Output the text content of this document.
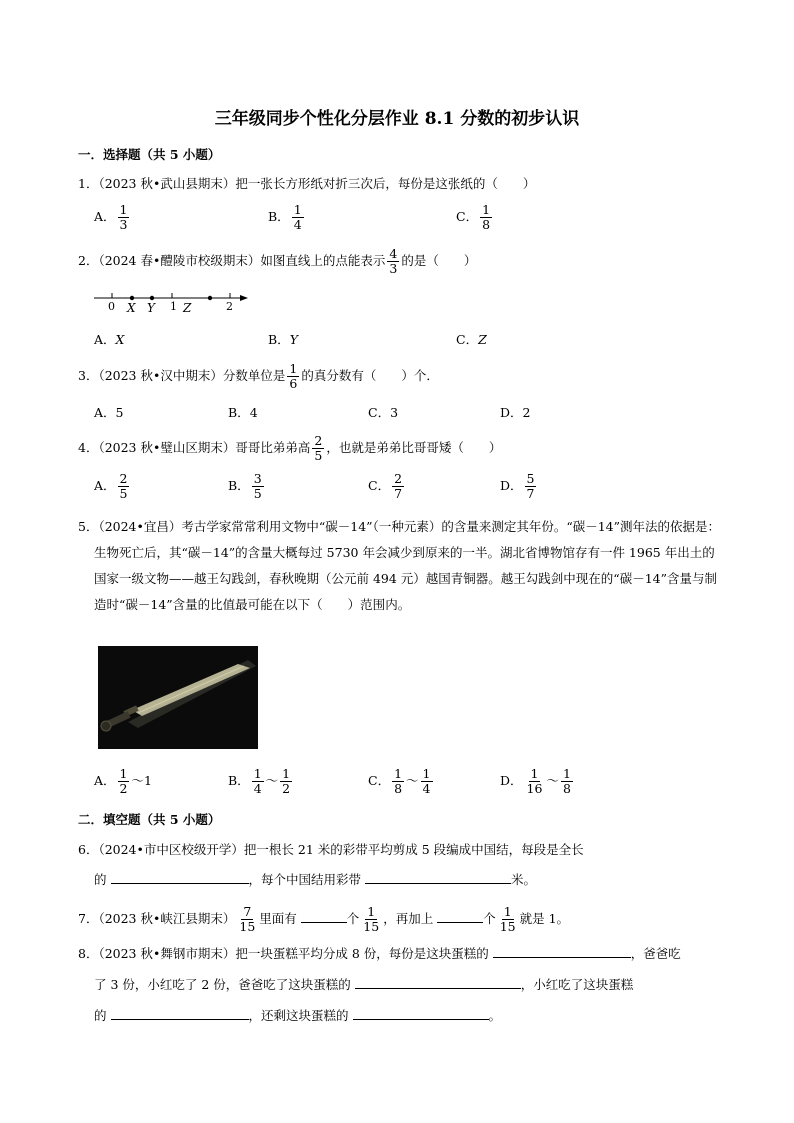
三年级同步个性化分层作业 8.1 分数的初步认识
一．选择题（共 5 小题）
1．（2023 秋•武山县期末）把一张长方形纸对折三次后，每份是这张纸的（　　）
A． $\frac{1}{3}$	B． $\frac{1}{4}$	C． $\frac{1}{8}$
2．（2024 春•醴陵市校级期末）如图直线上的点能表示 $\frac{4}{3}$ 的是（　　）
0 X Y 1 Z	2
A．X	B．Y	C．Z
3．（2023 秋•汉中期末）分数单位是 $\frac{1}{6}$ 的真分数有（　　）个．
A．5	B．4	C．3	D．2
4．（2023 秋•璧山区期末）哥哥比弟弟高 $\frac{2}{5}$ ，也就是弟弟比哥哥矮（　　）
A． $\frac{2}{5}$	B． $\frac{3}{5}$	C． $\frac{2}{7}$	D． $\frac{5}{7}$
5．（2024•宜昌）考古学家常常利用文物中“碳－14”（一种元素）的含量来测定其年份。“碳－14”测年法的依据是：生物死亡后，其“碳－14”的含量大概每过 5730 年会减少到原来的一半。湖北省博物馆存有一件 1965 年出土的国家一级文物——越王勾践剑，春秋晚期（公元前 494 元）越国青铜器。越王勾践剑中现在的“碳－14”含量与制造时“碳－14”含量的比值最可能在以下（　　）范围内。
A． $\frac{1}{2}$ ～1	B． $\frac{1}{4}$ ～ $\frac{1}{2}$	C． $\frac{1}{8}$ ～ $\frac{1}{4}$	D． $\frac{1}{16}$ ～ $\frac{1}{8}$
二．填空题（共 5 小题）
6．（2024•市中区校级开学）把一根长 21 米的彩带平均剪成 5 段编成中国结，每段是全长
的	，每个中国结用彩带	米。
7．（2023 秋•峡江县期末） $\frac{7}{15}$ 里面有	个 $\frac{1}{15}$ ，再加上	个 $\frac{1}{15}$ 就是 1。
8．（2023 秋•舞钢市期末）把一块蛋糕平均分成 8 份，每份是这块蛋糕的	，爸爸吃
了 3 份，小红吃了 2 份，爸爸吃了这块蛋糕的	，小红吃了这块蛋糕
的	，还剩这块蛋糕的	。
